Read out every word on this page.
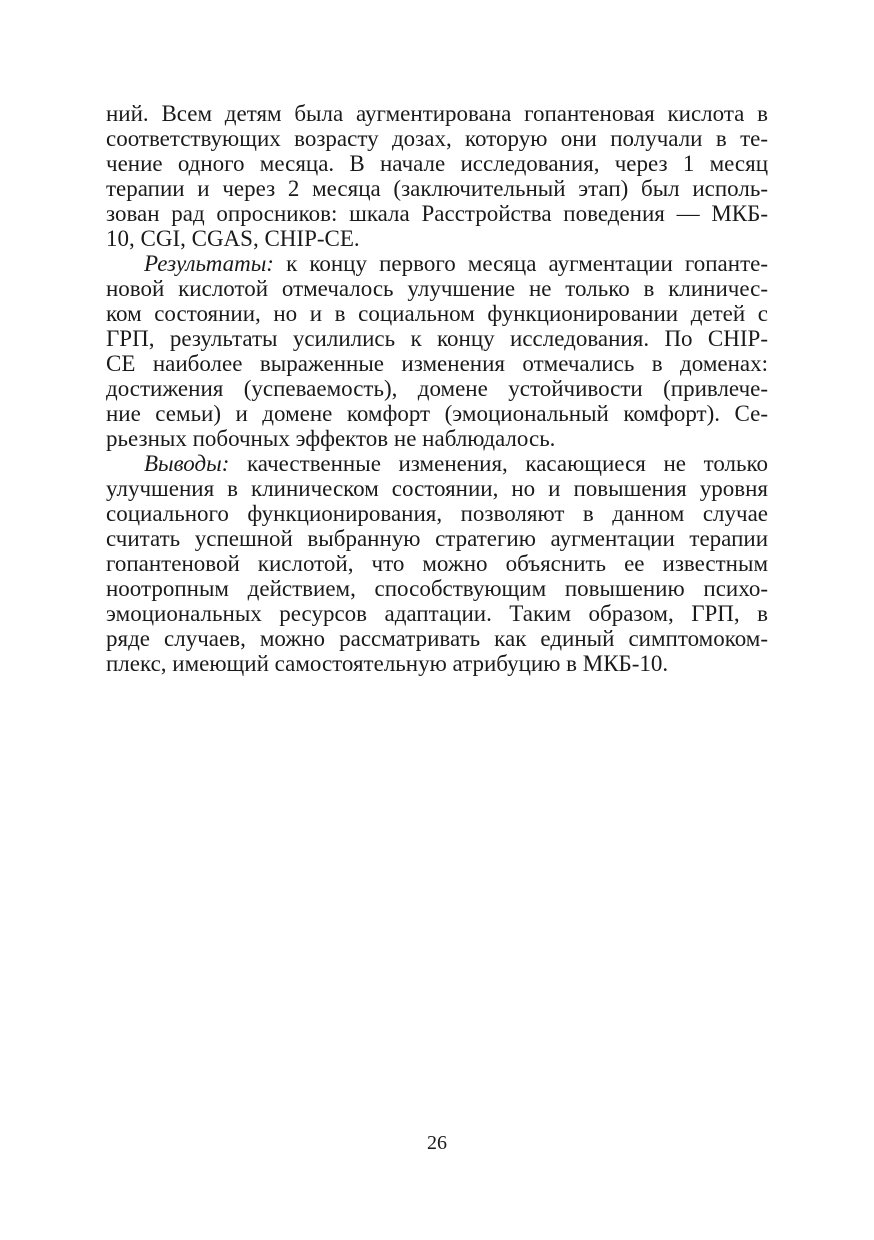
ний. Всем детям была аугментирована гопантеновая кислота в
соответствующих возрасту дозах, которую они получали в те-
чение одного месяца. В начале исследования, через 1 месяц
терапии и через 2 месяца (заключительный этап) был исполь-
зован рад опросников: шкала Расстройства поведения — МКБ-
10, CGI, CGAS, CHIP-CE.
Результаты: к концу первого месяца аугментации гопанте-
новой кислотой отмечалось улучшение не только в клиничес-
ком состоянии, но и в социальном функционировании детей с
ГРП, результаты усилились к концу исследования. По CHIP-
CE наиболее выраженные изменения отмечались в доменах:
достижения (успеваемость), домене устойчивости (привлече-
ние семьи) и домене комфорт (эмоциональный комфорт). Се-
рьезных побочных эффектов не наблюдалось.
Выводы: качественные изменения, касающиеся не только
улучшения в клиническом состоянии, но и повышения уровня
социального функционирования, позволяют в данном случае
считать успешной выбранную стратегию аугментации терапии
гопантеновой кислотой, что можно объяснить ее известным
ноотропным действием, способствующим повышению психо-
эмоциональных ресурсов адаптации. Таким образом, ГРП, в
ряде случаев, можно рассматривать как единый симптомоком-
плекс, имеющий самостоятельную атрибуцию в МКБ-10.
26
